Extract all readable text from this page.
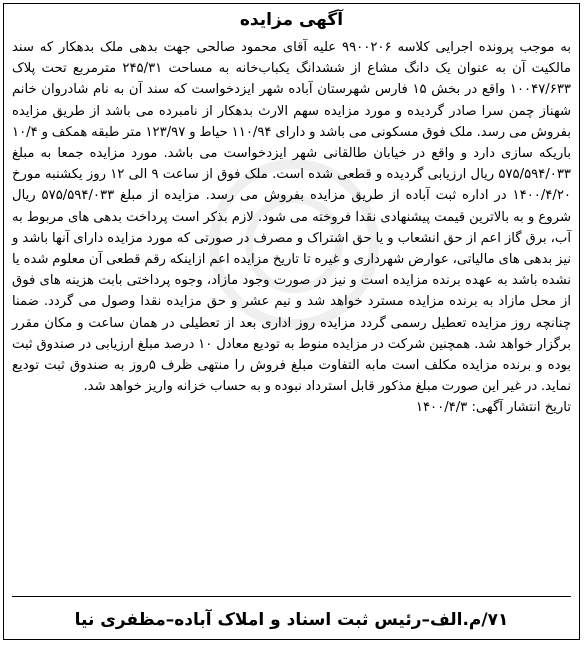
آگهی مزایده
به موجب پرونده اجرایی کلاسه ۹۹۰۰۲۰۶ علیه آقای محمود صالحی جهت بدهی ملک بدهکار که سند مالکیت آن به عنوان یک دانگ مشاع از ششدانگ یکباب‌خانه به مساحت ۲۴۵/۳۱ مترمربع تحت پلاک ۱۰۰۴۷/۶۳۳ واقع در بخش ۱۵ فارس شهرستان آباده شهر ایزدخواست که سند آن به نام شادروان خانم شهناز چمن سرا صادر گردیده و مورد مزایده سهم الارث بدهکار از نامبرده می باشد از طریق مزایده بفروش می رسد. ملک فوق مسکونی می باشد و دارای ۱۱۰/۹۴ حیاط و ۱۲۳/۹۷ متر طبقه همکف و ۱۰/۴ باریکه سازی دارد و واقع در خیابان طالقانی شهر ایزدخواست می باشد. مورد مزایده جمعا به مبلغ ۵۷۵/۵۹۴/۰۳۳ ریال ارزیابی گردیده و قطعی شده است. ملک فوق از ساعت ۹ الی ۱۲ روز یکشنبه مورخ ۱۴۰۰/۴/۲۰ در اداره ثبت آباده از طریق مزایده بفروش می رسد. مزایده از مبلغ ۵۷۵/۵۹۴/۰۳۳ ریال شروع و به بالاترین قیمت پیشنهادی نقدا فروخته می شود. لازم بذکر است پرداخت بدهی های مربوط به آب، برق گاز اعم از حق انشعاب و یا حق اشتراک و مصرف در صورتی که مورد مزایده دارای آنها باشد و نیز بدهی های مالیاتی، عوارض شهرداری و غیره تا تاریخ مزایده اعم ازاینکه رقم قطعی آن معلوم شده یا نشده باشد به عهده برنده مزایده است و نیز در صورت وجود مازاد، وجوه پرداختی بابت هزینه های فوق از محل مازاد به برنده مزایده مسترد خواهد شد و نیم عشر و حق مزایده نقدا وصول می گردد. ضمنا چنانچه روز مزایده تعطیل رسمی گردد مزایده روز اداری بعد از تعطیلی در همان ساعت و مکان مقرر برگزار خواهد شد. همچنین شرکت در مزایده منوط به تودیع معادل ۱۰ درصد مبلغ ارزیابی در صندوق ثبت بوده و برنده مزایده مکلف است مابه التفاوت مبلغ فروش را منتهی ظرف ۵روز به صندوق ثبت تودیع نماید. در غیر این صورت مبلغ مذکور قابل استرداد نبوده و به حساب خزانه واریز خواهد شد.
تاریخ انتشار آگهی: ۱۴۰۰/۴/۳
۷۱/م.الف–رئیس ثبت اسناد و املاک آباده–مظفری نیا
